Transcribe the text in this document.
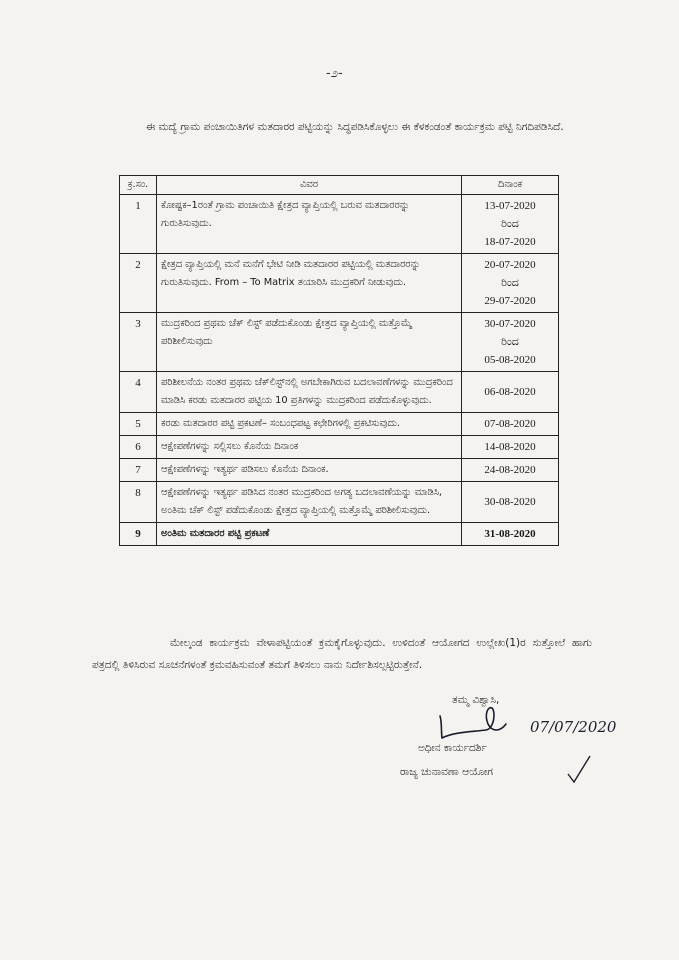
-೨-
ಈ ಮದ್ಯೆ ಗ್ರಾಮ ಪಂಚಾಯಿತಿಗಳ ಮತದಾರರ ಪಟ್ಟಿಯನ್ನು ಸಿದ್ಧಪಡಿಸಿಕೊಳ್ಳಲು ಈ ಕೆಳಕಂಡಂತೆ ಕಾರ್ಯಕ್ರಮ ಪಟ್ಟಿ ನಿಗದಿಪಡಿಸಿದೆ.
ಕ್ರ.ಸಂ.	ವಿವರ	ದಿನಾಂಕ
1	ಕೋಷ್ಟಕ–1ರಂತೆ ಗ್ರಾಮ ಪಂಚಾಯಿತಿ ಕ್ಷೇತ್ರದ ವ್ಯಾಪ್ತಿಯಲ್ಲಿ ಬರುವ ಮತದಾರರನ್ನು ಗುರುತಿಸುವುದು.	13-07-2020
ರಿಂದ
18-07-2020

2	ಕ್ಷೇತ್ರದ ವ್ಯಾಪ್ತಿಯಲ್ಲಿ ಮನೆ ಮನೆಗೆ ಭೇಟಿ ನೀಡಿ ಮತದಾರರ ಪಟ್ಟಿಯಲ್ಲಿ ಮತದಾರರನ್ನು ಗುರುತಿಸುವುದು. From – To Matrix ತಯಾರಿಸಿ ಮುದ್ರಕರಿಗೆ ನೀಡುವುದು.	20-07-2020
ರಿಂದ
29-07-2020

3	ಮುದ್ರಕರಿಂದ ಪ್ರಥಮ ಚೆಕ್ ಲಿಸ್ಟ್ ಪಡೆದುಕೊಂಡು ಕ್ಷೇತ್ರದ ವ್ಯಾಪ್ತಿಯಲ್ಲಿ ಮತ್ತೊಮ್ಮೆ ಪರಿಶೀಲಿಸುವುದು	30-07-2020
ರಿಂದ
05-08-2020

4	ಪರಿಶೀಲನೆಯ ನಂತರ ಪ್ರಥಮ ಚೆಕ್‌ಲಿಸ್ಟ್‌ನಲ್ಲಿ ಅಗಬೇಕಾಗಿರುವ ಬದಲಾವಣೆಗಳನ್ನು ಮುದ್ರಕರಿಂದ ಮಾಡಿಸಿ ಕರಡು ಮತದಾರರ ಪಟ್ಟಿಯ 10 ಪ್ರತಿಗಳನ್ನು ಮುದ್ರಕರಿಂದ ಪಡೆದುಕೊಳ್ಳುವುದು.	06-08-2020
5	ಕರಡು ಮತದಾರರ ಪಟ್ಟಿ ಪ್ರಕಟಣೆ– ಸಂಬಂಧಪಟ್ಟ ಕಛೇರಿಗಳಲ್ಲಿ ಪ್ರಕಟಿಸುವುದು.	07-08-2020
6	ಆಕ್ಷೇಪಣೆಗಳನ್ನು ಸಲ್ಲಿಸಲು ಕೊನೆಯ ದಿನಾಂಕ	14-08-2020
7	ಆಕ್ಷೇಪಣೆಗಳನ್ನು ಇತ್ಯರ್ಥ ಪಡಿಸಲು ಕೊನೆಯ ದಿನಾಂಕ.	24-08-2020
8	ಆಕ್ಷೇಪಣೆಗಳನ್ನು ಇತ್ಯರ್ಥ ಪಡಿಸಿದ ನಂತರ ಮುದ್ರಕರಿಂದ ಅಗತ್ಯ ಬದಲಾವಣೆಯನ್ನು ಮಾಡಿಸಿ, ಅಂತಿಮ ಚೆಕ್ ಲಿಸ್ಟ್ ಪಡೆದುಕೊಂಡು ಕ್ಷೇತ್ರದ ವ್ಯಾಪ್ತಿಯಲ್ಲಿ ಮತ್ತೊಮ್ಮೆ ಪರಿಶೀಲಿಸುವುದು.	30-08-2020
9	ಅಂತಿಮ ಮತದಾರರ ಪಟ್ಟಿ ಪ್ರಕಟಣೆ	31-08-2020
ಮೇಲ್ಕಂಡ ಕಾರ್ಯಕ್ರಮ ವೇಳಾಪಟ್ಟಿಯಂತೆ ಕ್ರಮಕೈಗೊಳ್ಳುವುದು. ಉಳಿದಂತೆ ಆಯೋಗದ ಉಲ್ಲೇಖ(1)ರ ಸುತ್ತೋಲೆ ಹಾಗು ಪತ್ರದಲ್ಲಿ ತಿಳಿಸಿರುವ ಸೂಚನೆಗಳಂತೆ ಕ್ರಮವಹಿಸುವಂತೆ ತಮಗೆ ತಿಳಿಸಲು ನಾನು ನಿರ್ದೇಶಿಸಲ್ಪಟ್ಟಿರುತ್ತೇನೆ.
ತಮ್ಮ ವಿಶ್ವಾಸಿ,
07/07/2020
ಅಧೀನ ಕಾರ್ಯದರ್ಶಿ
ರಾಜ್ಯ ಚುನಾವಣಾ ಆಯೋಗ
